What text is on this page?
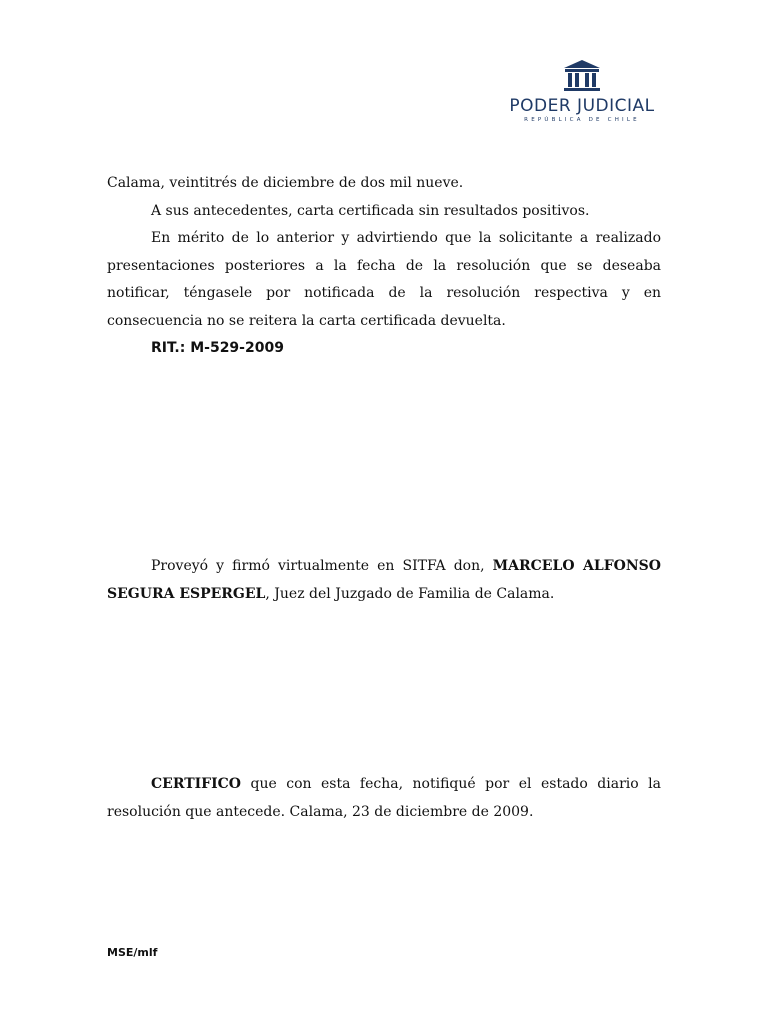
PODER JUDICIAL
REPÚBLICA DE CHILE

Calama, veintitrés de diciembre de dos mil nueve.

A sus antecedentes, carta certificada sin resultados positivos.

En mérito de lo anterior y advirtiendo que la solicitante a realizado presentaciones posteriores a la fecha de la resolución que se deseaba notificar, téngasele por notificada de la resolución respectiva y en consecuencia no se reitera la carta certificada devuelta.

RIT.: M-529-2009

Proveyó y firmó virtualmente en SITFA don, MARCELO ALFONSO SEGURA ESPERGEL, Juez del Juzgado de Familia de Calama.

CERTIFICO que con esta fecha, notifiqué por el estado diario la resolución que antecede. Calama, 23 de diciembre de 2009.

MSE/mlf
